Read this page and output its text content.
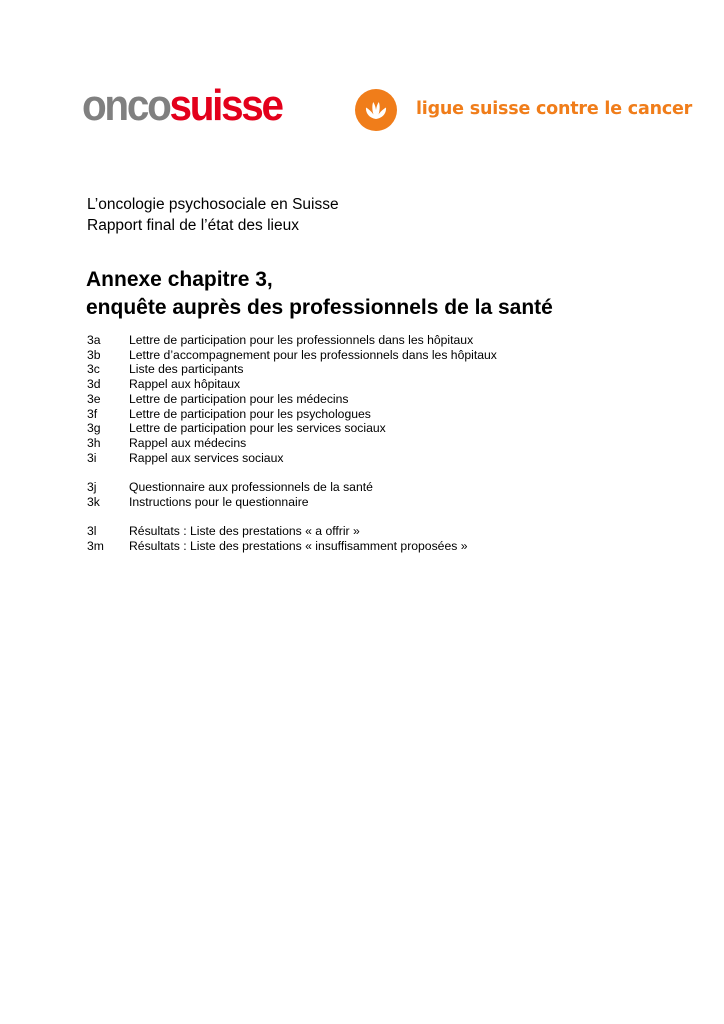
oncosuisse	ligue suisse contre le cancer
L’oncologie psychosociale en Suisse
Rapport final de l’état des lieux
Annexe chapitre 3,
enquête auprès des professionnels de la santé
3a	Lettre de participation pour les professionnels dans les hôpitaux
3b	Lettre d’accompagnement pour les professionnels dans les hôpitaux
3c	Liste des participants
3d	Rappel aux hôpitaux
3e	Lettre de participation pour les médecins
3f	Lettre de participation pour les psychologues
3g	Lettre de participation pour les services sociaux
3h	Rappel aux médecins
3i	Rappel aux services sociaux
3j	Questionnaire aux professionnels de la santé
3k	Instructions pour le questionnaire
3l	Résultats : Liste des prestations « a offrir »
3m	Résultats : Liste des prestations « insuffisamment proposées »
